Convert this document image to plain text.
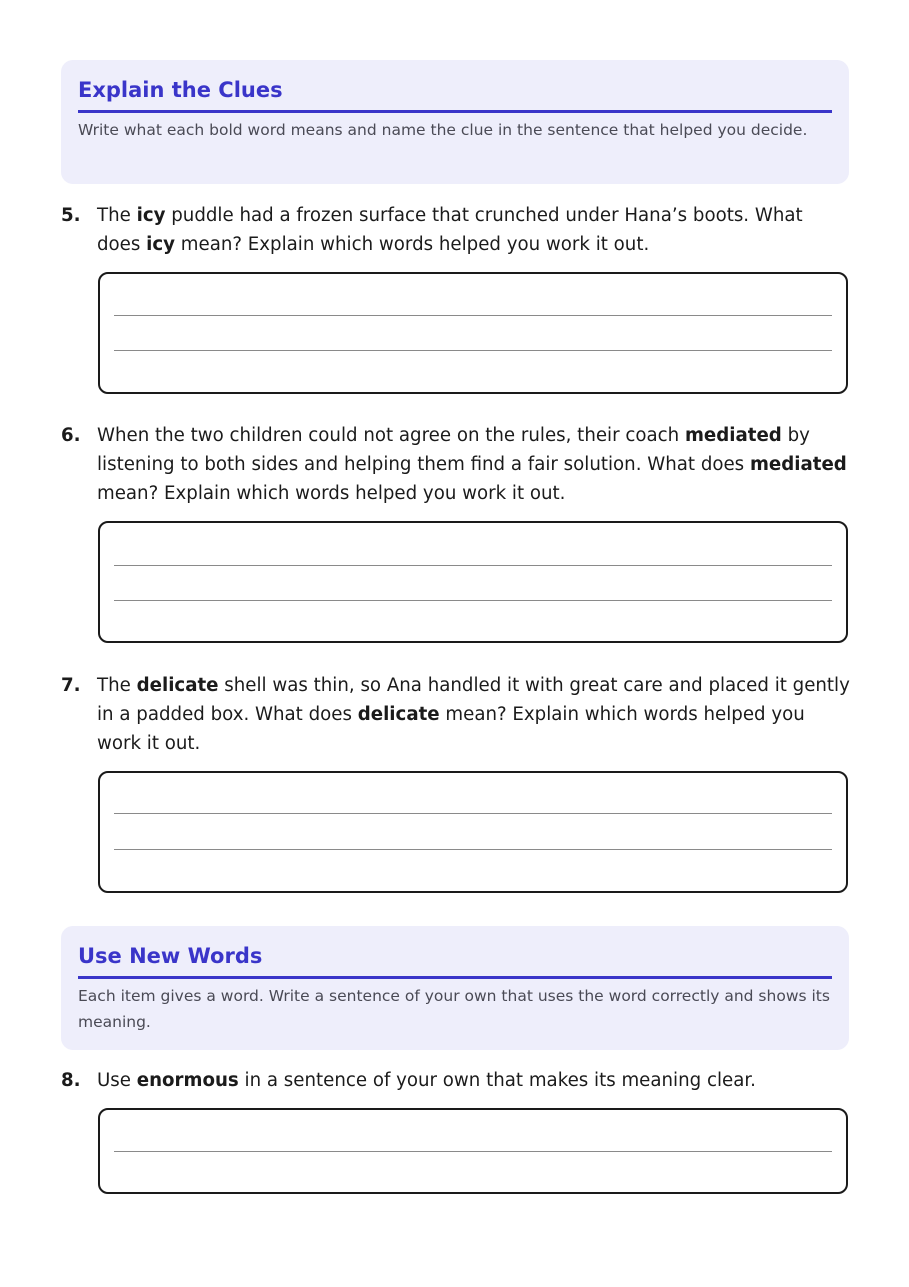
Explain the Clues
Write what each bold word means and name the clue in the sentence that helped you decide.
5. The icy puddle had a frozen surface that crunched under Hana’s boots. What does icy mean? Explain which words helped you work it out.
6. When the two children could not agree on the rules, their coach mediated by listening to both sides and helping them find a fair solution. What does mediated mean? Explain which words helped you work it out.
7. The delicate shell was thin, so Ana handled it with great care and placed it gently in a padded box. What does delicate mean? Explain which words helped you work it out.
Use New Words
Each item gives a word. Write a sentence of your own that uses the word correctly and shows its meaning.
8. Use enormous in a sentence of your own that makes its meaning clear.
